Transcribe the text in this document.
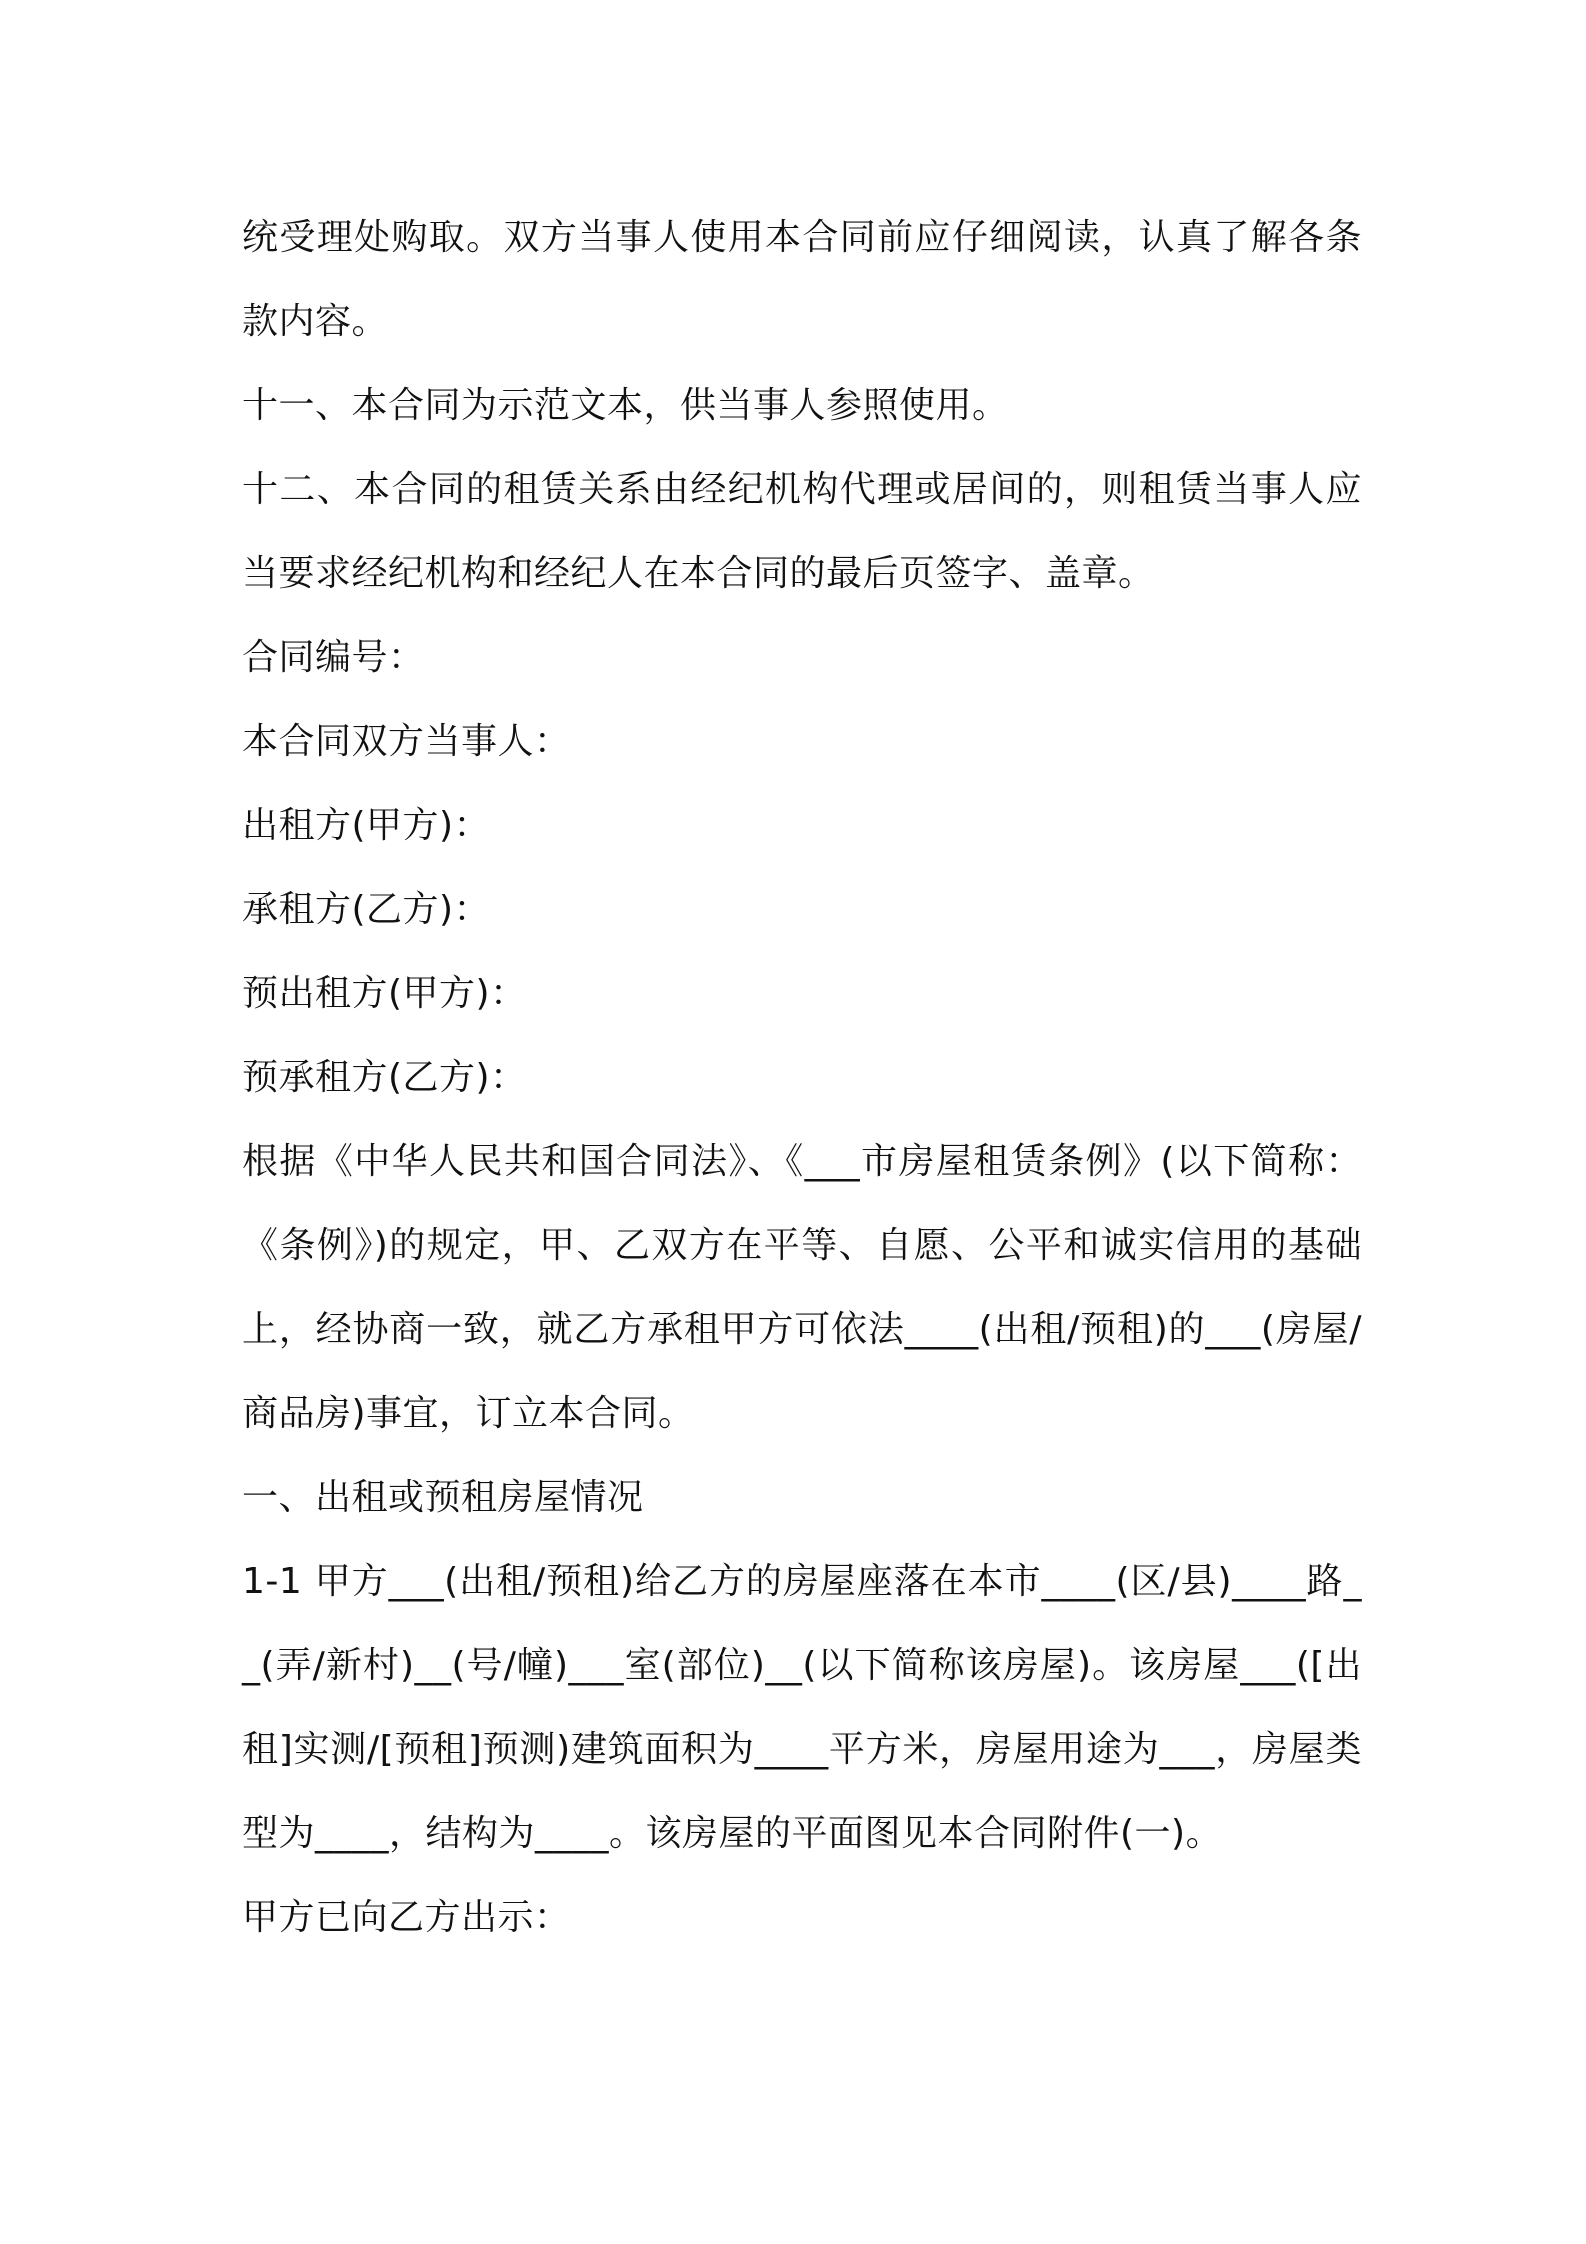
统受理处购取。双方当事人使用本合同前应仔细阅读，认真了解各条款内容。

十一、本合同为示范文本，供当事人参照使用。

十二、本合同的租赁关系由经纪机构代理或居间的，则租赁当事人应当要求经纪机构和经纪人在本合同的最后页签字、盖章。

合同编号：

本合同双方当事人：

出租方(甲方)：

承租方(乙方)：

预出租方(甲方)：

预承租方(乙方)：

根据《中华人民共和国合同法》、《___市房屋租赁条例》(以下简称：《条例》)的规定，甲、乙双方在平等、自愿、公平和诚实信用的基础上，经协商一致，就乙方承租甲方可依法____(出租/预租)的___(房屋/商品房)事宜，订立本合同。

一、出租或预租房屋情况

1-1 甲方___(出租/预租)给乙方的房屋座落在本市____(区/县)____路__(弄/新村)__(号/幢)___室(部位)__(以下简称该房屋)。该房屋___([出租]实测/[预租]预测)建筑面积为____平方米，房屋用途为___，房屋类型为____，结构为____。该房屋的平面图见本合同附件(一)。

甲方已向乙方出示：
